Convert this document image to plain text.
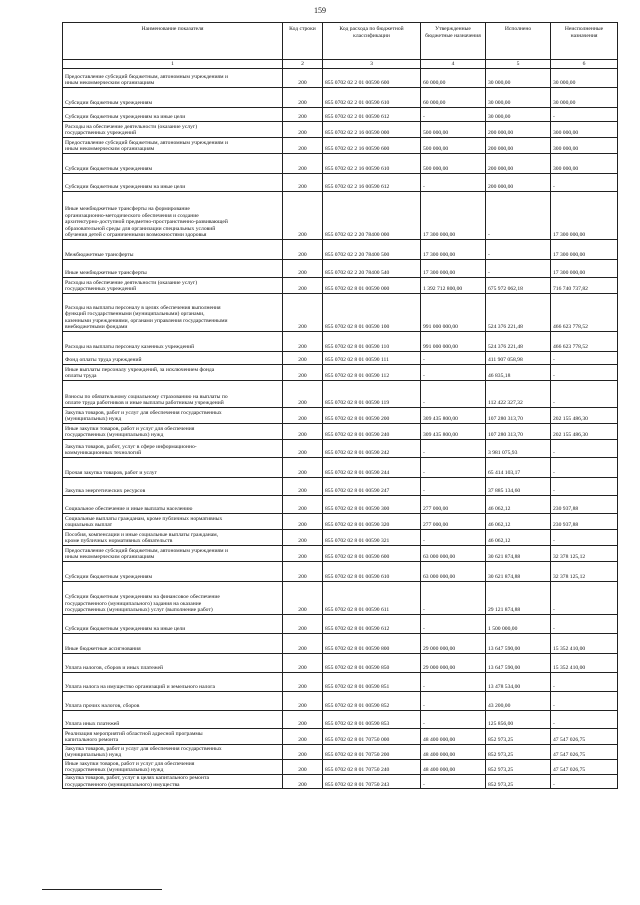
159
Наименование показателя	Код строки	Код расхода по бюджетной классификации	Утвержденные бюджетные назначения	Исполнено	Неисполненные назначения
1	2	3	4	5	6
Предоставление субсидий бюджетным, автономным учреждениям и
иным некоммерческим организациям	200	855 0702 02 2 01 00590 600	60 000,00	30 000,00	30 000,00
Субсидии бюджетным учреждениям	200	855 0702 02 2 01 00590 610	60 000,00	30 000,00	30 000,00
Субсидии бюджетным учреждениям на иные цели	200	855 0702 02 2 01 00590 612	-	30 000,00	-
Расходы на обеспечение деятельности (оказание услуг)
государственных учреждений	200	855 0702 02 2 16 00590 000	500 000,00	200 000,00	300 000,00
Предоставление субсидий бюджетным, автономным учреждениям и
иным некоммерческим организациям	200	855 0702 02 2 16 00590 600	500 000,00	200 000,00	300 000,00
Субсидии бюджетным учреждениям	200	855 0702 02 2 16 00590 610	500 000,00	200 000,00	300 000,00
Субсидии бюджетным учреждениям на иные цели	200	855 0702 02 2 16 00590 612	-	200 000,00	-
Иные межбюджетные трансферты на формирование
организационно-методического обеспечения и создание
архитектурно-доступной предметно-пространственно-развивающей
образовательной среды для организации специальных условий
обучения детей с ограниченными возможностями здоровья	200	855 0702 02 2 20 78400 000	17 300 000,00	-	17 300 000,00
Межбюджетные трансферты	200	855 0702 02 2 20 78400 500	17 300 000,00	-	17 300 000,00
Иные межбюджетные трансферты	200	855 0702 02 2 20 78400 540	17 300 000,00	-	17 300 000,00
Расходы на обеспечение деятельности (оказание услуг)
государственных учреждений	200	855 0702 02 8 01 00590 000	1 392 712 800,00	675 972 062,18	716 740 737,82
Расходы на выплаты персоналу в целях обеспечения выполнения
функций государственными (муниципальными) органами,
казенными учреждениями, органами управления государственными
внебюджетными фондами	200	855 0702 02 8 01 00590 100	991 000 000,00	524 376 221,48	466 623 778,52
Расходы на выплаты персоналу казенных учреждений	200	855 0702 02 8 01 00590 110	991 000 000,00	524 376 221,48	466 623 778,52
Фонд оплаты труда учреждений	200	855 0702 02 8 01 00590 111	-	411 907 058,98	-
Иные выплаты персоналу учреждений, за исключением фонда
оплаты труда	200	855 0702 02 8 01 00590 112	-	46 835,18	-
Взносы по обязательному социальному страхованию на выплаты по
оплате труда работников и иные выплаты работникам учреждений	200	855 0702 02 8 01 00590 119	-	112 422 327,32	-
Закупка товаров, работ и услуг для обеспечения государственных
(муниципальных) нужд	200	855 0702 02 8 01 00590 200	309 435 800,00	107 280 313,70	202 155 486,30
Иные закупки товаров, работ и услуг для обеспечения
государственных (муниципальных) нужд	200	855 0702 02 8 01 00590 240	309 435 800,00	107 280 313,70	202 155 486,30
Закупка товаров, работ, услуг в сфере информационно-
коммуникационных технологий	200	855 0702 02 8 01 00590 242	-	3 981 075,93	-
Прочая закупка товаров, работ и услуг	200	855 0702 02 8 01 00590 244	-	65 414 103,17	-
Закупка энергетических ресурсов	200	855 0702 02 8 01 00590 247	-	37 885 134,60	-
Социальное обеспечение и иные выплаты населению	200	855 0702 02 8 01 00590 300	277 000,00	46 062,12	230 937,88
Социальные выплаты гражданам, кроме публичных нормативных
социальных выплат	200	855 0702 02 8 01 00590 320	277 000,00	46 062,12	230 937,88
Пособия, компенсации и иные социальные выплаты гражданам,
кроме публичных нормативных обязательств	200	855 0702 02 8 01 00590 321	-	46 062,12	-
Предоставление субсидий бюджетным, автономным учреждениям и
иным некоммерческим организациям	200	855 0702 02 8 01 00590 600	63 000 000,00	30 621 874,88	32 378 125,12
Субсидии бюджетным учреждениям	200	855 0702 02 8 01 00590 610	63 000 000,00	30 621 874,88	32 378 125,12
Субсидии бюджетным учреждениям на финансовое обеспечение
государственного (муниципального) задания на оказание
государственных (муниципальных) услуг (выполнение работ)	200	855 0702 02 8 01 00590 611	-	29 121 874,88	-
Субсидии бюджетным учреждениям на иные цели	200	855 0702 02 8 01 00590 612	-	1 500 000,00	-
Иные бюджетные ассигнования	200	855 0702 02 8 01 00590 800	29 000 000,00	13 647 590,00	15 352 410,00
Уплата налогов, сборов и иных платежей	200	855 0702 02 8 01 00590 850	29 000 000,00	13 647 590,00	15 352 410,00
Уплата налога на имущество организаций и земельного налога	200	855 0702 02 8 01 00590 851	-	13 478 534,00	-
Уплата прочих налогов, сборов	200	855 0702 02 8 01 00590 852	-	43 200,00	-
Уплата иных платежей	200	855 0702 02 8 01 00590 853	-	125 856,00	-
Реализация мероприятий областной адресной программы
капитального ремонта	200	855 0702 02 8 01 70750 000	48 400 000,00	852 973,25	47 547 026,75
Закупка товаров, работ и услуг для обеспечения государственных
(муниципальных) нужд	200	855 0702 02 8 01 70750 200	48 400 000,00	852 973,25	47 547 026,75
Иные закупки товаров, работ и услуг для обеспечения
государственных (муниципальных) нужд	200	855 0702 02 8 01 70750 240	48 400 000,00	852 973,25	47 547 026,75
Закупка товаров, работ, услуг в целях капитального ремонта
государственного (муниципального) имущества	200	855 0702 02 8 01 70750 243	-	852 973,25	-
